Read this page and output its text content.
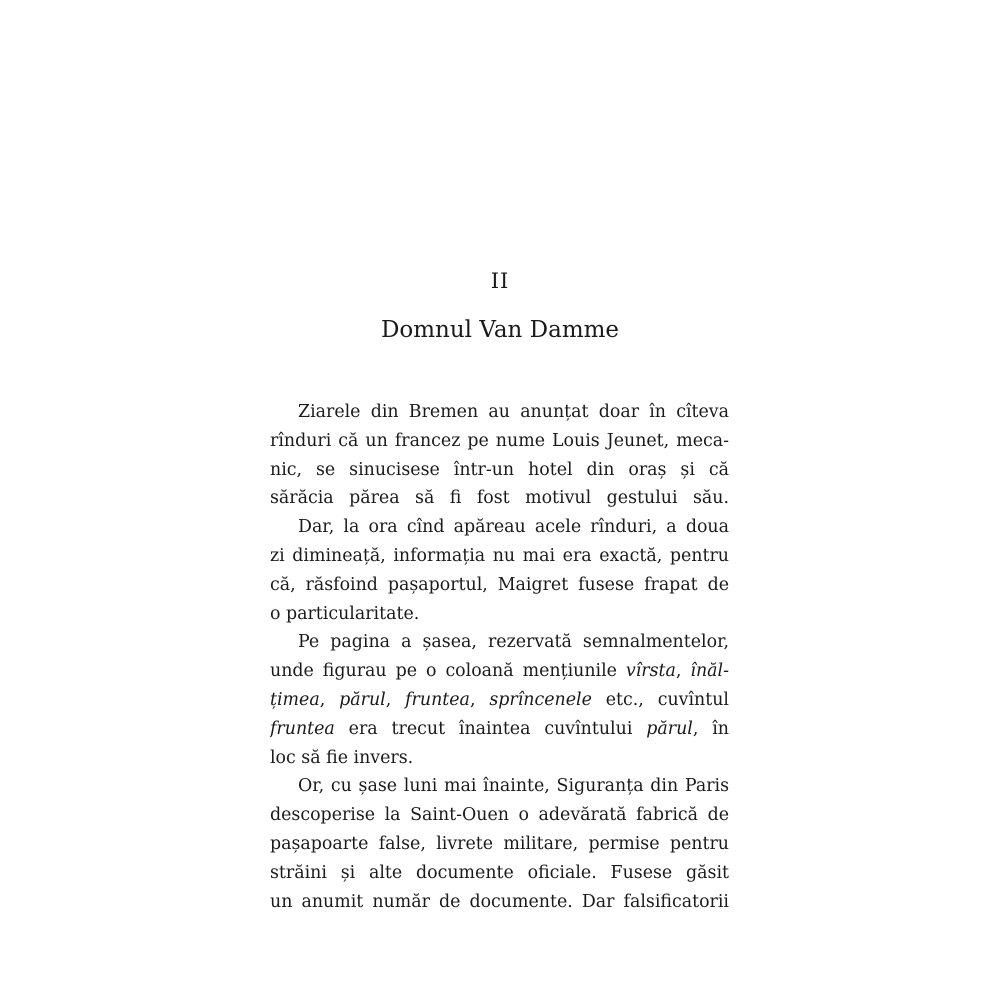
II
Domnul Van Damme
Ziarele din Bremen au anunțat doar în cîteva
rînduri că un francez pe nume Louis Jeunet, meca-
nic, se sinucisese într-un hotel din oraș și că
sărăcia părea să fi fost motivul gestului său.
Dar, la ora cînd apăreau acele rînduri, a doua
zi dimineață, informația nu mai era exactă, pentru
că, răsfoind pașaportul, Maigret fusese frapat de
o particularitate.
Pe pagina a șasea, rezervată semnalmentelor,
unde figurau pe o coloană mențiunile vîrsta, înăl-
țimea, părul, fruntea, sprîncenele etc., cuvîntul
fruntea era trecut înaintea cuvîntului părul, în
loc să fie invers.
Or, cu șase luni mai înainte, Siguranța din Paris
descoperise la Saint-Ouen o adevărată fabrică de
pașapoarte false, livrete militare, permise pentru
străini și alte documente oficiale. Fusese găsit
un anumit număr de documente. Dar falsificatorii
